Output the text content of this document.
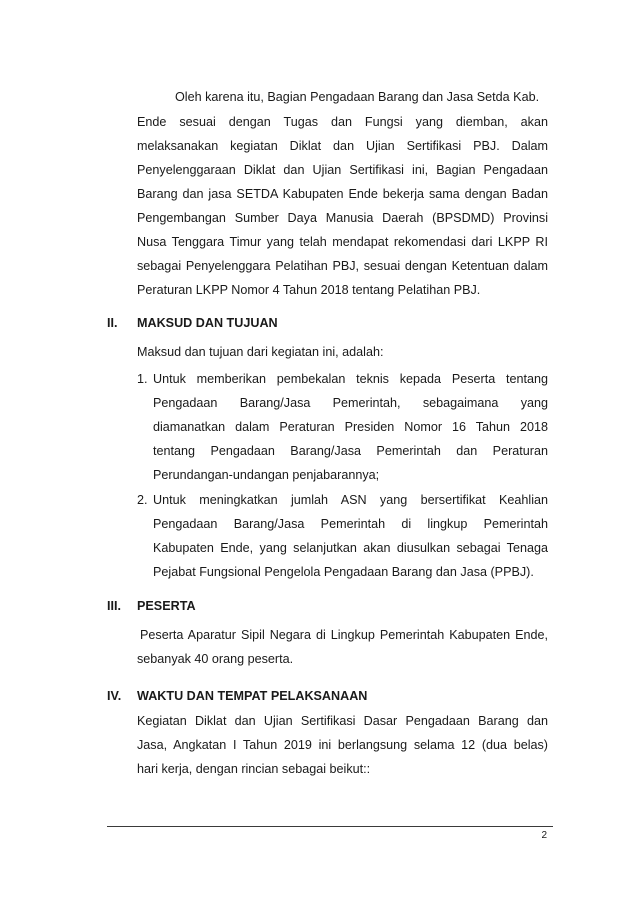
Oleh karena itu, Bagian Pengadaan Barang dan Jasa Setda Kab.
Ende sesuai dengan Tugas dan Fungsi yang diemban, akan
melaksanakan kegiatan Diklat dan Ujian Sertifikasi PBJ. Dalam
Penyelenggaraan Diklat dan Ujian Sertifikasi ini, Bagian Pengadaan
Barang dan jasa SETDA Kabupaten Ende bekerja sama dengan Badan
Pengembangan Sumber Daya Manusia Daerah (BPSDMD) Provinsi
Nusa Tenggara Timur yang telah mendapat rekomendasi dari LKPP RI
sebagai Penyelenggara Pelatihan PBJ, sesuai dengan Ketentuan dalam
Peraturan LKPP Nomor 4 Tahun 2018 tentang Pelatihan PBJ.
II. MAKSUD DAN TUJUAN
Maksud dan tujuan dari kegiatan ini, adalah:
1. Untuk memberikan pembekalan teknis kepada Peserta tentang
Pengadaan Barang/Jasa Pemerintah, sebagaimana yang
diamanatkan dalam Peraturan Presiden Nomor 16 Tahun 2018
tentang Pengadaan Barang/Jasa Pemerintah dan Peraturan
Perundangan-undangan penjabarannya;
2. Untuk meningkatkan jumlah ASN yang bersertifikat Keahlian
Pengadaan Barang/Jasa Pemerintah di lingkup Pemerintah
Kabupaten Ende, yang selanjutkan akan diusulkan sebagai Tenaga
Pejabat Fungsional Pengelola Pengadaan Barang dan Jasa (PPBJ).
III. PESERTA
Peserta Aparatur Sipil Negara di Lingkup Pemerintah Kabupaten Ende,
sebanyak 40 orang peserta.
IV. WAKTU DAN TEMPAT PELAKSANAAN
Kegiatan Diklat dan Ujian Sertifikasi Dasar Pengadaan Barang dan
Jasa, Angkatan I Tahun 2019 ini berlangsung selama 12 (dua belas)
hari kerja, dengan rincian sebagai beikut::
2
